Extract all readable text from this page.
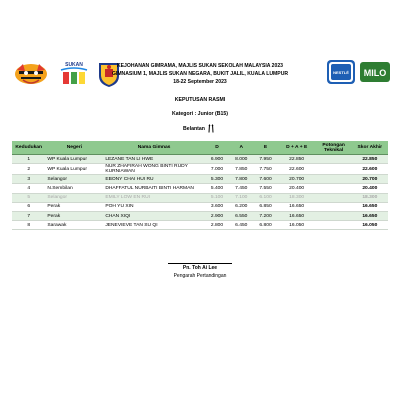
SUKAN
NESTLÉ MILO
KEJOHANAN GIMRAMA, MAJLIS SUKAN SEKOLAH MALAYSIA 2023
GIMNASIUM 1, MAJLIS SUKAN NEGARA, BUKIT JALIL, KUALA LUMPUR
18-22 September 2023
KEPUTUSAN RASMI
Kategori : Junior (B15)
Belantan
Kedudukan	Negeri	Nama Gimnas	D	A	E	D + A + E	Potongan Teknikal	Skor Akhir
1	WP Kuala Lumpur	LEZANE TAN LI HWE	6.900	8.000	7.950	22.850		22.850
2	WP Kuala Lumpur	NUR ZHAFIRAH WONG BINTI RUDY KURNIAWAN	7.000	7.850	7.750	22.600		22.600
3	Selangor	EBONY CHAI HUI RU	5.300	7.800	7.600	20.700		20.700
4	N.Sembilan	DHAFFATUL NURBAITI BINTI HARMAN	5.400	7.450	7.550	20.400		20.400
5	Selangor	EMILY LOW EN RUI	5.100	7.100	6.100	18.300		18.300
6	Perak	POH YU XIN	3.600	6.200	6.850	16.650		16.650
7	Perak	CHAN XIQI	2.900	6.550	7.200	16.650		16.650
8	Sarawak	JENEVIEVE TAN SU QI	2.800	6.450	6.800	16.050		16.050
Pn. Toh Ai Lee
Pengarah Pertandingan
